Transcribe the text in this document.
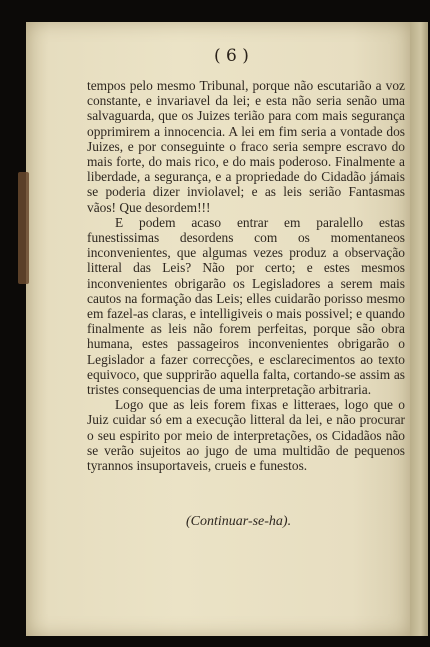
( 6 )

tempos pelo mesmo Tribunal, porque não escutarião a voz constante, e invariavel da lei; e esta não seria senão uma salvaguarda, que os Juizes terião para com mais segurança opprimirem a innocencia. A lei em fim seria a vontade dos Juizes, e por conseguinte o fraco seria sempre escravo do mais forte, do mais rico, e do mais poderoso. Finalmente a liberdade, a segurança, e a propriedade do Cidadão jámais se poderia dizer inviolavel; e as leis serião Fantasmas vãos! Que desordem!!!

E podem acaso entrar em paralello estas funestissimas desordens com os momentaneos inconvenientes, que algumas vezes produz a observação litteral das Leis? Não por certo; e estes mesmos inconvenientes obrigarão os Legisladores a serem mais cautos na formação das Leis; elles cuidarão porisso mesmo em fazel-as claras, e intelligiveis o mais possivel; e quando finalmente as leis não forem perfeitas, porque são obra humana, estes passageiros inconvenientes obrigarão o Legislador a fazer correcções, e esclarecimentos ao texto equivoco, que supprirão aquella falta, cortando-se assim as tristes consequencias de uma interpretação arbitraria.

Logo que as leis forem fixas e litteraes, logo que o Juiz cuidar só em a execução litteral da lei, e não procurar o seu espirito por meio de interpretações, os Cidadãos não se verão sujeitos ao jugo de uma multidão de pequenos tyrannos insuportaveis, crueis e funestos.

(Continuar-se-ha).
